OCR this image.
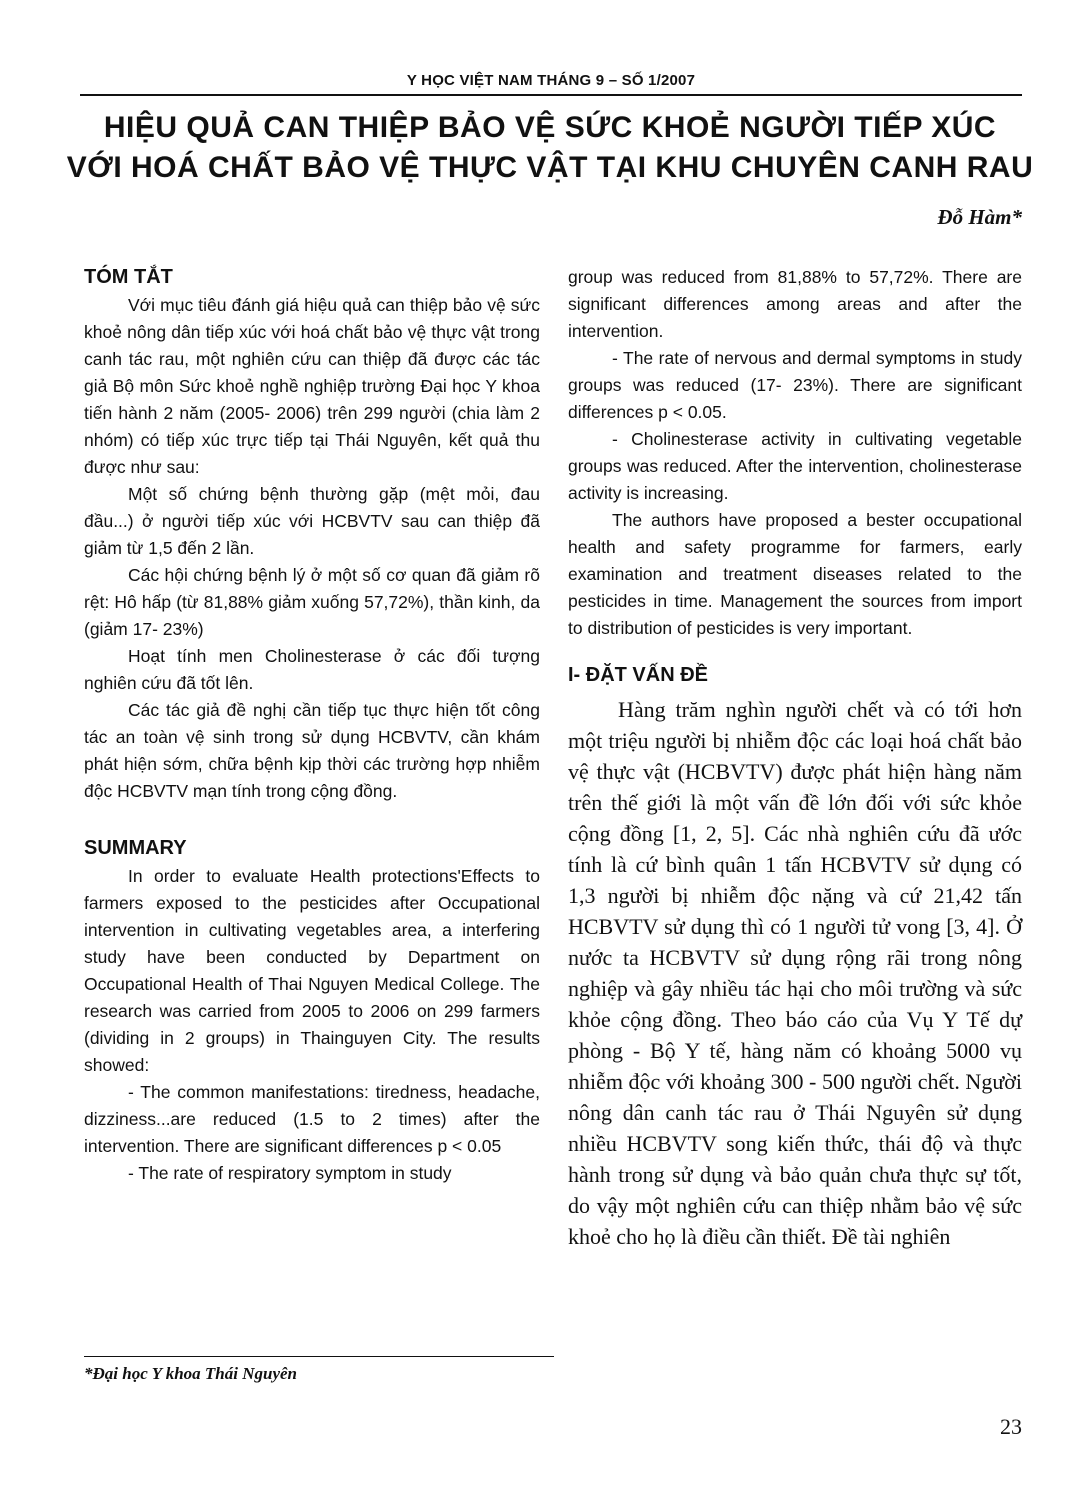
Y HỌC VIỆT NAM THÁNG 9 – SỐ 1/2007
HIỆU QUẢ CAN THIỆP BẢO VỆ SỨC KHOẺ NGƯỜI TIẾP XÚC
VỚI HOÁ CHẤT BẢO VỆ THỰC VẬT TẠI KHU CHUYÊN CANH RAU
Đỗ Hàm*
TÓM TẮT

Với mục tiêu đánh giá hiệu quả can thiệp bảo vệ sức khoẻ nông dân tiếp xúc với hoá chất bảo vệ thực vật trong canh tác rau, một nghiên cứu can thiệp đã được các tác giả Bộ môn Sức khoẻ nghề nghiệp trường Đại học Y khoa tiến hành 2 năm (2005- 2006) trên 299 người (chia làm 2 nhóm) có tiếp xúc trực tiếp tại Thái Nguyên, kết quả thu được như sau:

Một số chứng bệnh thường gặp (mệt mỏi, đau đầu...) ở người tiếp xúc với HCBVTV sau can thiệp đã giảm từ 1,5 đến 2 lần.

Các hội chứng bệnh lý ở một số cơ quan đã giảm rõ rệt: Hô hấp (từ 81,88% giảm xuống 57,72%), thần kinh, da (giảm 17- 23%)

Hoạt tính men Cholinesterase ở các đối tượng nghiên cứu đã tốt lên.

Các tác giả đề nghị cần tiếp tục thực hiện tốt công tác an toàn vệ sinh trong sử dụng HCBVTV, cần khám phát hiện sớm, chữa bệnh kịp thời các trường hợp nhiễm độc HCBVTV mạn tính trong cộng đồng.

SUMMARY

In order to evaluate Health protections'Effects to farmers exposed to the pesticides after Occupational intervention in cultivating vegetables area, a interfering study have been conducted by Department on Occupational Health of Thai Nguyen Medical College. The research was carried from 2005 to 2006 on 299 farmers (dividing in 2 groups) in Thainguyen City. The results showed:

- The common manifestations: tiredness, headache, dizziness...are reduced (1.5 to 2 times) after the intervention. There are significant differences p < 0.05

- The rate of respiratory symptom in study

group was reduced from 81,88% to 57,72%. There are significant differences among areas and after the intervention.

- The rate of nervous and dermal symptoms in study groups was reduced (17- 23%). There are significant differences p < 0.05.

- Cholinesterase activity in cultivating vegetable groups was reduced. After the intervention, cholinesterase activity is increasing.

The authors have proposed a bester occupational health and safety programme for farmers, early examination and treatment diseases related to the pesticides in time. Management the sources from import to distribution of pesticides is very important.

I- ĐẶT VẤN ĐỀ

Hàng trăm nghìn người chết và có tới hơn một triệu người bị nhiễm độc các loại hoá chất bảo vệ thực vật (HCBVTV) được phát hiện hàng năm trên thế giới là một vấn đề lớn đối với sức khỏe cộng đồng [1, 2, 5]. Các nhà nghiên cứu đã ước tính là cứ bình quân 1 tấn HCBVTV sử dụng có 1,3 người bị nhiễm độc nặng và cứ 21,42 tấn HCBVTV sử dụng thì có 1 người tử vong [3, 4]. Ở nước ta HCBVTV sử dụng rộng rãi trong nông nghiệp và gây nhiều tác hại cho môi trường và sức khỏe cộng đồng. Theo báo cáo của Vụ Y Tế dự phòng - Bộ Y tế, hàng năm có khoảng 5000 vụ nhiễm độc với khoảng 300 - 500 người chết. Người nông dân canh tác rau ở Thái Nguyên sử dụng nhiều HCBVTV song kiến thức, thái độ và thực hành trong sử dụng và bảo quản chưa thực sự tốt, do vậy một nghiên cứu can thiệp nhằm bảo vệ sức khoẻ cho họ là điều cần thiết. Đề tài nghiên

*Đại học Y khoa Thái Nguyên
23
